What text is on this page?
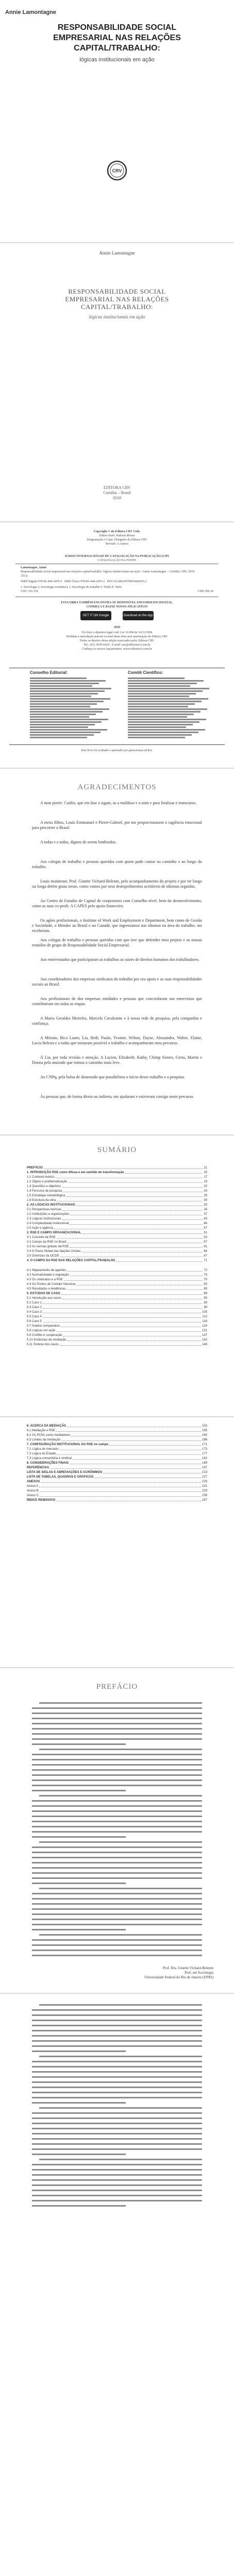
Annie Lamontagne
RESPONSABILIDADE SOCIAL EMPRESARIAL NAS RELAÇÕES CAPITAL/TRABALHO:
lógicas institucionais em ação
CRV
Annie Lamontagne
RESPONSABILIDADE SOCIAL EMPRESARIAL NAS RELAÇÕES CAPITAL/TRABALHO:
lógicas institucionais em ação
EDITORA CRV
Curitiba – Brasil
2018
Copyright © da Editora CRV Ltda.
Editor-chefe: Railson Moura
Diagramação e Capa: Designers da Editora CRV
Revisão: A Autora
DADOS INTERNACIONAIS DE CATALOGAÇÃO NA PUBLICAÇÃO (CIP)
CATALOGAÇÃO NA FONTE
Lamontagne, Annie
Responsabilidade social empresarial nas relações capital/trabalho: lógicas institucionais em ação / Annie Lamontagne – Curitiba: CRV, 2018.
252 p.
ISBN Digital 978-85-444-2456-9 ISBN Físico 978-85-444-2455-2 DOI 10.24824/978854442455.2
1. Sociologia 2. Sociologia econômica 3. Sociologia do trabalho I. Título II. Série
CDU 316.334	CDD 306.36
ESTA OBRA TAMBÉM ENCONTRA-SE DISPONÍVEL EM FORMATO DIGITAL.
CONHEÇA E BAIXE NOSSO APLICATIVO!
GET IT ON Google Play
Download on the App Store
2018
Foi feito o depósito legal conf. Lei 10.994 de 14/12/2004
Proibida a reprodução parcial ou total desta obra sem autorização da Editora CRV
Todos os direitos desta edição reservados pela: Editora CRV
Tel.: (41) 3039-6418 - E-mail: sac@editoracrv.com.br
Conheça os nossos lançamentos: www.editoracrv.com.br
Conselho Editorial:	Comitê Científico:
Este livro foi avaliado e aprovado por pareceristas ad hoc.
AGRADECIMENTOS
A mon pierre. Caitlin, que em fase a sigam, as a maldisse e a ssim e para finalizar e transcurso.
A meus filhos, Louis Emmanuel e Pierre-Gabriel, por me proporcionarem a cagiência emocional para percorrer o Brasil.
A todas e a todos, dignos de serem lembrados.
Aos colegas de trabalho e pessoas queridas com quem pude contar no caminho e ao longo do trabalho.
Louis maintener, Prof. Ginette Vichard-Belenm, pelo acompanhamento do projeto e por ter longo ou longa detém graus nesse, como vamos por seus desmpolimentos aceitáveis de idiomas seguidas.
Ao Centro de Estudos de Capital de cooperantes com Conselho nível, bem do desenvolvimento, como as suas co-profs. A CAPES pelo apoio financeiro.
Os agões profissionais, o Institute of Work and Employment e Department, bem como de Gestão e Sociedade, o Mendes ao Brasil e no Canadá, que ingressamos nas idiomas na área do trabalho, me receberam.
Aos colegas de trabalho e pessoas queridas com que tive que defender meu projeto e as nossas reuniões de grupo de Responsabilidade Social Empresarial.
Aos entrevistados que participaram as trabalhos as raizes de direitos humanos dos trabalhadores.
Aos coordenadores dos empresas sindicatos do trabalho por seu apoio e as suas responsabilidades sociais ao Brasil.
Aos profissionais de dos empresas entidades e pessoas que concordaram nas entrevistas que contribuíram em todas as etapas.
A Maria Geraldes Meireles, Marcela Cavalcante e à nossa rede de pesquisa, pela companhia e confiança.
A Miriam, Bica Lauro, Lia, Beth, Paulo, Yvonne, Wilton, Dayse, Alessandra, Walter, Elaine, Lucia Helena e a todas que tornaram possível o trabalho e acompanharam meu percurso.
À Lia, por toda revisão e atenção. A Lucien, Elizabeth, Kathy, Chimp Sisters, Greta, Martin e Donna pela amizade que tornou o caminho mais leve.
Ao CNPq, pela bolsa de doutorado que possibilitou o início desse trabalho e a pesquisa.
Às pessoas que, de forma direta ou indireta, me ajudaram e estiveram comigo neste percurso.
SUMÁRIO
PREFÁCIO	11
1. INTRODUÇÃO RSE como difusa e em sentido de transformação	15
1.1 Contexto teórico	17
1.2 Objeto e problematização	19
1.3 Questões e objetivos	22
1.4 Percurso de pesquisa	24
1.5 Estratégia metodológica	26
1.6 Estrutura da obra	30
2. AS LÓGICAS INSTITUCIONAIS	33
2.1 Perspectivas teóricas	34
2.2 Instituições e organizações	37
2.3 Lógicas institucionais	40
2.4 Complexidade institucional	44
2.5 Ação e agência	47
3. RSE E CAMPO ORGANIZACIONAL	51
3.1 Conceito de RSE	52
3.2 Campo da RSE no Brasil	57
3.3 As normas globais da RSE	61
3.4 O Pacto Global das Nações Unidas	64
3.5 Diretrizes da OCDE	67
4. O CAMPO DA RSE NAS RELAÇÕES CAPITAL/TRABALHO	71
4.1 Mapeamento de agentes	72
4.2 Normatividade e regulação	75
4.3 Os sindicatos e a RSE	79
4.4 Os Pontos de Contato Nacional	82
4.5 Resultados e tendências	85
5. ESTUDOS DE CASO	89
5.1 Introdução aos casos	90
5.2 Caso 1	93
5.3 Caso 2	99
5.4 Caso 3	105
5.5 Caso 4	112
5.6 Caso 5	118
5.7 Análise comparativa	124
5.8 Lógicas em ação	131
5.9 Conflito e cooperação	137
5.10 Instâncias de mediação	142
5.11 Síntese dos casos	148
6. ACERCA DA MEDIAÇÃO	153
6.1 Mediação e RSE	155
6.2 Os PCNs como mediadores	160
6.3 Limites da mediação	166
7. CONFIGURAÇÃO INSTITUCIONAL DA RSE no campo	171
7.1 Lógica de mercado	173
7.2 Lógica do Estado	177
7.3 Lógica comunitária e sindical	182
8. CONSIDERAÇÕES FINAIS	189
REFERÊNCIAS	197
LISTA DE SIGLAS E ABREVIAÇÕES E ACRÔNIMOS	213
LISTA DE TABELAS, QUADROS E GRÁFICOS	217
ANEXOS	219
Anexo A	221
Anexo B	229
Anexo C	239
ÍNDICE REMISSIVO	247
PREFÁCIO
Prof. Dra. Ginette Vichard-Belenm
Prof. em Sociologia
Universidade Federal do Rio de Janeiro (UFRJ)
